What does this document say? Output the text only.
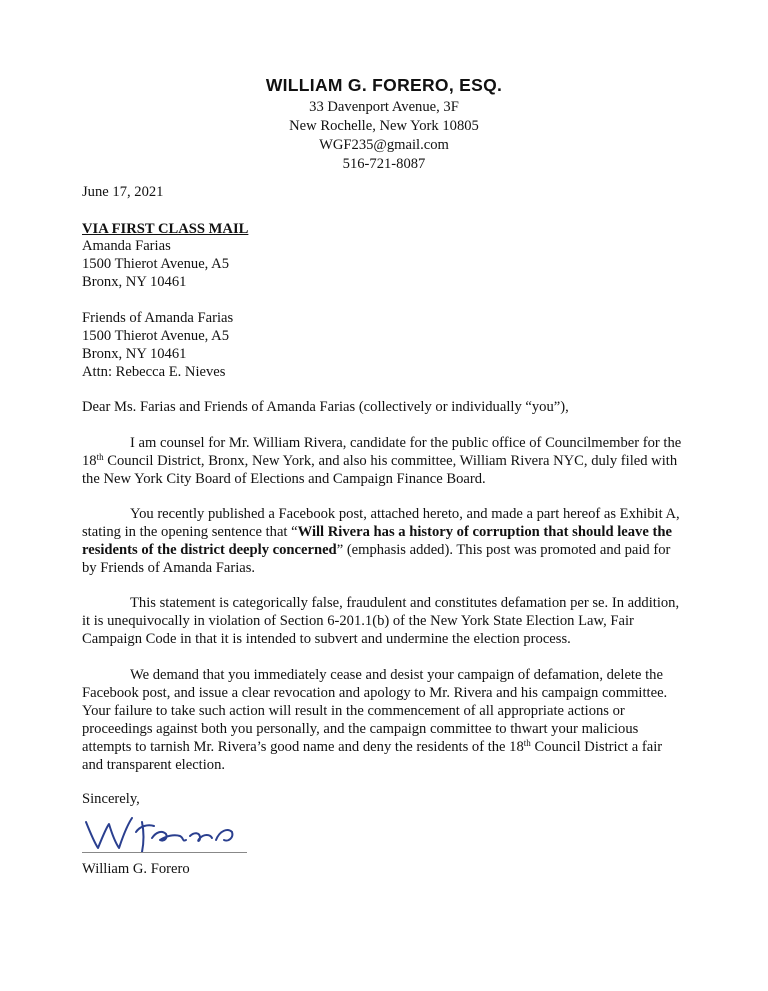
WILLIAM G. FORERO, ESQ.
33 Davenport Avenue, 3F
New Rochelle, New York 10805
WGF235@gmail.com
516-721-8087
June 17, 2021
VIA FIRST CLASS MAIL
Amanda Farias
1500 Thierot Avenue, A5
Bronx, NY 10461
Friends of Amanda Farias
1500 Thierot Avenue, A5
Bronx, NY 10461
Attn: Rebecca E. Nieves
Dear Ms. Farias and Friends of Amanda Farias (collectively or individually “you”),
I am counsel for Mr. William Rivera, candidate for the public office of Councilmember for the 18th Council District, Bronx, New York, and also his committee, William Rivera NYC, duly filed with the New York City Board of Elections and Campaign Finance Board.
You recently published a Facebook post, attached hereto, and made a part hereof as Exhibit A, stating in the opening sentence that “Will Rivera has a history of corruption that should leave the residents of the district deeply concerned” (emphasis added). This post was promoted and paid for by Friends of Amanda Farias.
This statement is categorically false, fraudulent and constitutes defamation per se. In addition, it is unequivocally in violation of Section 6-201.1(b) of the New York State Election Law, Fair Campaign Code in that it is intended to subvert and undermine the election process.
We demand that you immediately cease and desist your campaign of defamation, delete the Facebook post, and issue a clear revocation and apology to Mr. Rivera and his campaign committee. Your failure to take such action will result in the commencement of all appropriate actions or proceedings against both you personally, and the campaign committee to thwart your malicious attempts to tarnish Mr. Rivera’s good name and deny the residents of the 18th Council District a fair and transparent election.
Sincerely,
William G. Forero
